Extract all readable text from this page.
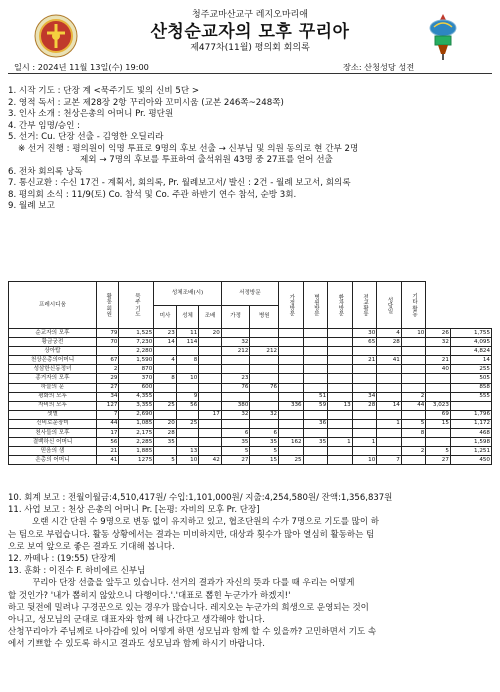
청주교마산교구 레지오마리애
산청순교자의 모후 꾸리아
제477차(11월) 평의회 회의록
일시 : 2024년 11월 13일(수) 19:00	장소: 산청성당 성전
1. 시작 기도 : 단장 계 <묵주기도 빛의 신비 5단 >
2. 영적 독서 : 교본 제28장 2항 꾸리아와 꼬미시움 (교본 246쪽~248쪽)
3. 인사 소개 : 천상은총의 어머니 Pr. 평단원
4. 간부 임명/승인 :
5. 선거: Cu. 단장 선출 - 김영한 오딜리라
※ 선거 진행 : 평의원이 익명 투표로 9명의 후보 선출 → 신부님 및 의원 동의로 현 간부 2명
제외 → 7명의 후보를 투표하여 출석위원 43명 중 27표를 얻어 선출
6. 전차 회의록 낭독
7. 통신교환 : 수신 17건 - 계획서, 회의록, Pr. 월례보고서/ 발신 : 2건 - 월례 보고서, 회의록
8. 평의회 소식 : 11/9(토) Co. 참석 및 Co. 주관 하반기 연수 참석, 순방 3회.
9. 월례 보고
프레시디움	활동 회원	묵주 기도	성체조배(시)			서정방문		가정방문	병원방문	환자방문	전교활동	성당일	기타 활동		

			미사	성체	조배	가정	병원								
순교자의 모후	79	1,525	23	11	20						30	4	10	26	1,755
황금궁전	70	7,230	14	114		32					65	28		32	4,095
상아탑		2,280				212	212								4,824
천상은총의어머니	67	1,590	4	8							21	41		21	14
성삼한신동정녀	2	870												40	255
종거자의 모후	29	370	8	10		23									505
하늘의 문	27	600				76	76								858
평화의 모후	34	4,355		9					51		34		2		555
자비의 모후	127	3,355	25	56		380		336	59	13	28	14	44	3,023	
샛별	7	2,690			17	32	32							69	1,796
신비로운장미	44	1,085	20	25					36			1	5	15	1,172
천사들의 모후	17	2,175	28			6	6						8		468
결백하신 어머니	56	2,285	35			35	35	162	35	1	1				1,598
믿음의 샘	21	1,885		13		5	5						2	5	1,251
은총의 어머니	41	1275	5	10	42	27	15	25			10	7		27	450
10. 회계 보고 : 전월이월금:4,510,417원/ 수입:1,101,000원/ 지출:4,254,580원/ 잔액:1,356,837원
11. 사업 보고 : 천상 은총의 어머니 Pr. [논평: 자비의 모후 Pr. 단장]
오랜 시간 단원 수 9명으로 변동 없이 유지하고 있고, 협조단원의 수가 7명으로 기도를 많이 하
는 팀으로 부럽습니다. 활동 상황에서는 결과는 미비하지만, 대상과 횟수가 많아 열심히 활동하는 팀
으로 보여 앞으로 좋은 결과도 기대해 봅니다.
12. 까떼나 : (19:55) 단장계
13. 훈화 : 이진수 F. 하비에르 신부님
꾸리아 단장 선출을 앞두고 있습니다. 선거의 결과가 자신의 뜻과 다를 때 우리는 어떻게
할 것인가? '내가 뽑히지 않았으니 다행이다.'.'대표로 뽑힌 누군가가 하겠지!'
하고 뒷전에 밀려나 구경꾼으로 있는 경우가 많습니다. 레지오는 누군가의 희생으로 운영되는 것이
아니고, 성모님의 군대로 대표자와 함께 해 나간다고 생각해야 합니다.
산청꾸리아가 주님께로 나아감에 있어 어떻게 하면 성모님과 함께 할 수 있을까? 고민하면서 기도 속
에서 기쁘할 수 있도록 하시고 결과도 성모님과 함께 하시기 바랍니다.
